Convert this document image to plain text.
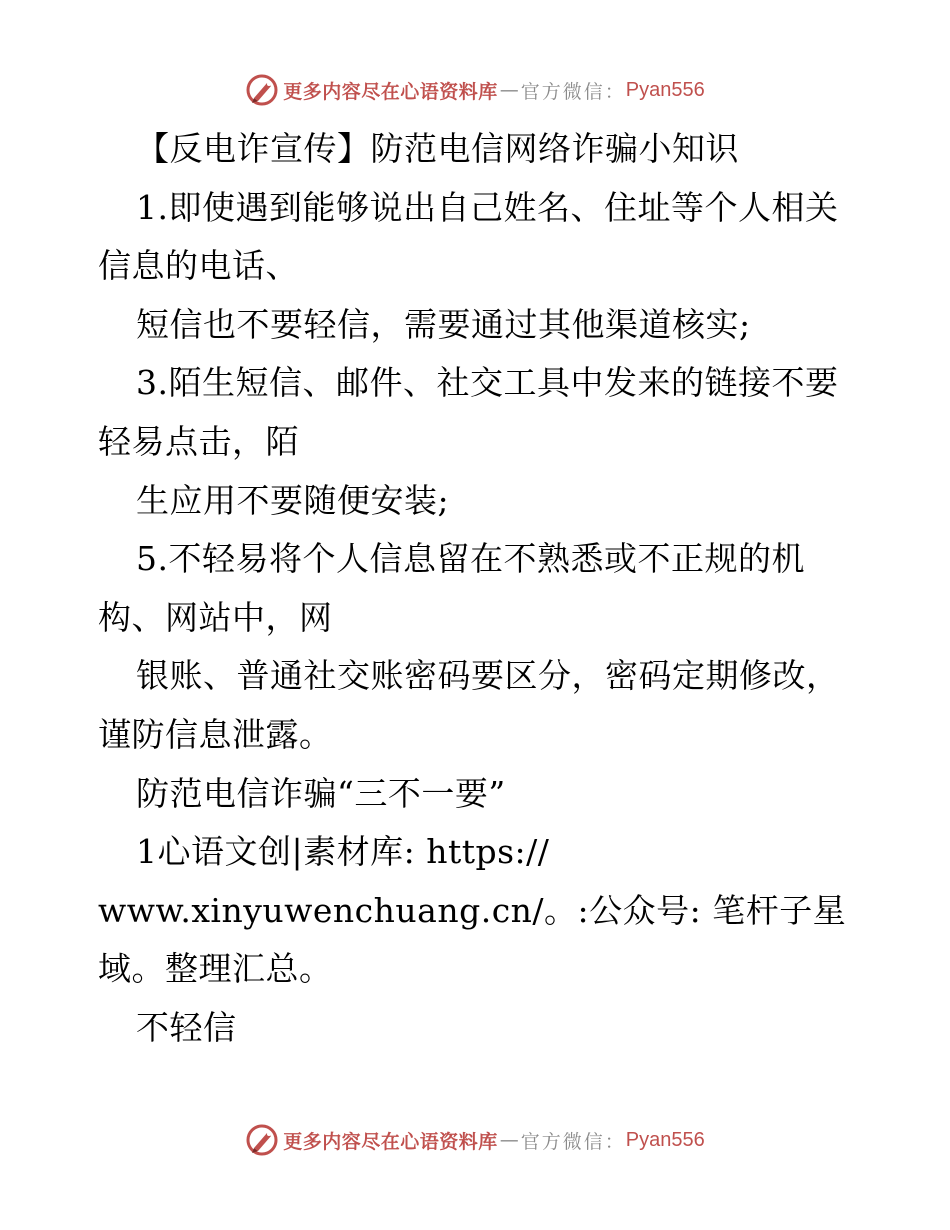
更多内容尽在心语资料库 — 官方微信： Pyan556
【反电诈宣传】防范电信网络诈骗小知识
1.即使遇到能够说出自己姓名、住址等个人相关
信息的电话、
短信也不要轻信，需要通过其他渠道核实;
3.陌生短信、邮件、社交工具中发来的链接不要
轻易点击，陌
生应用不要随便安装;
5.不轻易将个人信息留在不熟悉或不正规的机
构、网站中，网
银账、普通社交账密码要区分，密码定期修改，
谨防信息泄露。
防范电信诈骗“三不一要”
1心语文创|素材库: https://
www.xinyuwenchuang.cn/。:公众号: 笔杆子星
域。整理汇总。
不轻信
更多内容尽在心语资料库 — 官方微信： Pyan556
